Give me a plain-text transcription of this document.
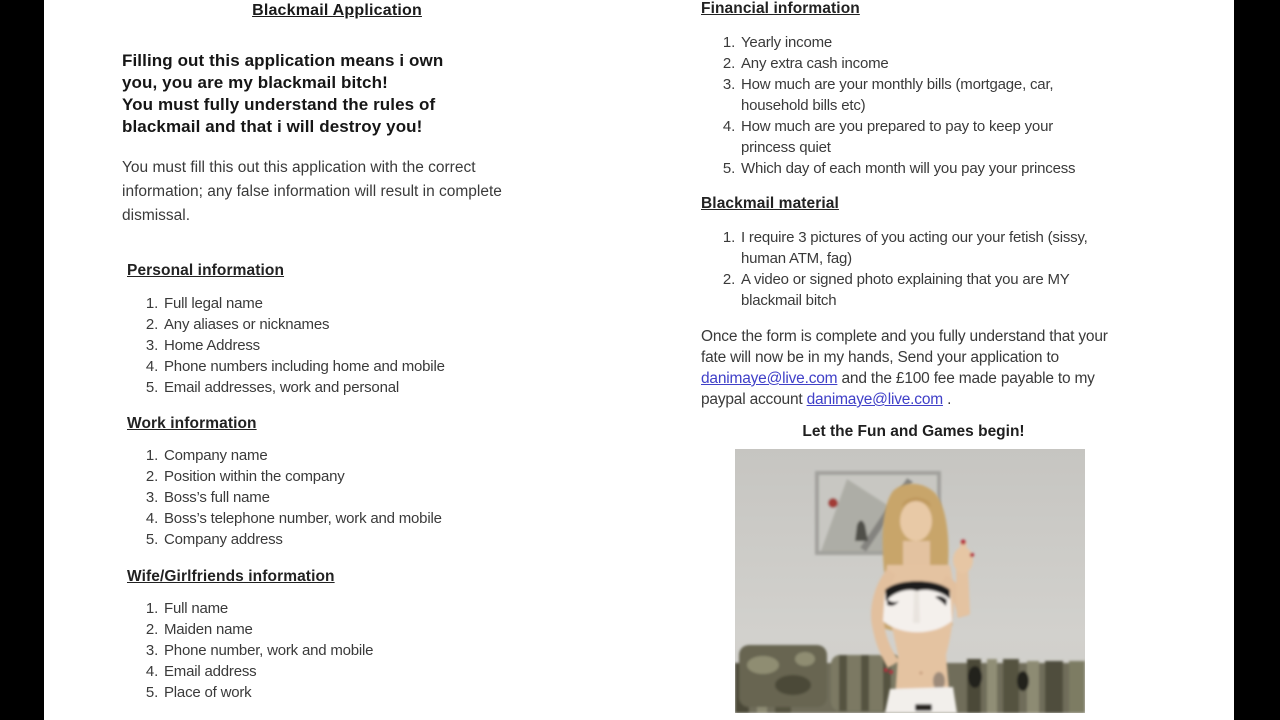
Blackmail Application
Filling out this application means i own
you, you are my blackmail bitch!
You must fully understand the rules of
blackmail and that i will destroy you!
You must fill this out this application with the correct information; any false information will result in complete dismissal.
Personal information
1. Full legal name
2. Any aliases or nicknames
3. Home Address
4. Phone numbers including home and mobile
5. Email addresses, work and personal
Work information
1. Company name
2. Position within the company
3. Boss’s full name
4. Boss’s telephone number, work and mobile
5. Company address
Wife/Girlfriends information
1. Full name
2. Maiden name
3. Phone number, work and mobile
4. Email address
5. Place of work
Financial information
1. Yearly income
2. Any extra cash income
3. How much are your monthly bills (mortgage, car, household bills etc)
4. How much are you prepared to pay to keep your princess quiet
5. Which day of each month will you pay your princess
Blackmail material
1. I require 3 pictures of you acting our your fetish (sissy, human ATM, fag)
2. A video or signed photo explaining that you are MY blackmail bitch
Once the form is complete and you fully understand that your fate will now be in my hands, Send your application to danimaye@live.com and the £100 fee made payable to my paypal account danimaye@live.com .
Let the Fun and Games begin!
